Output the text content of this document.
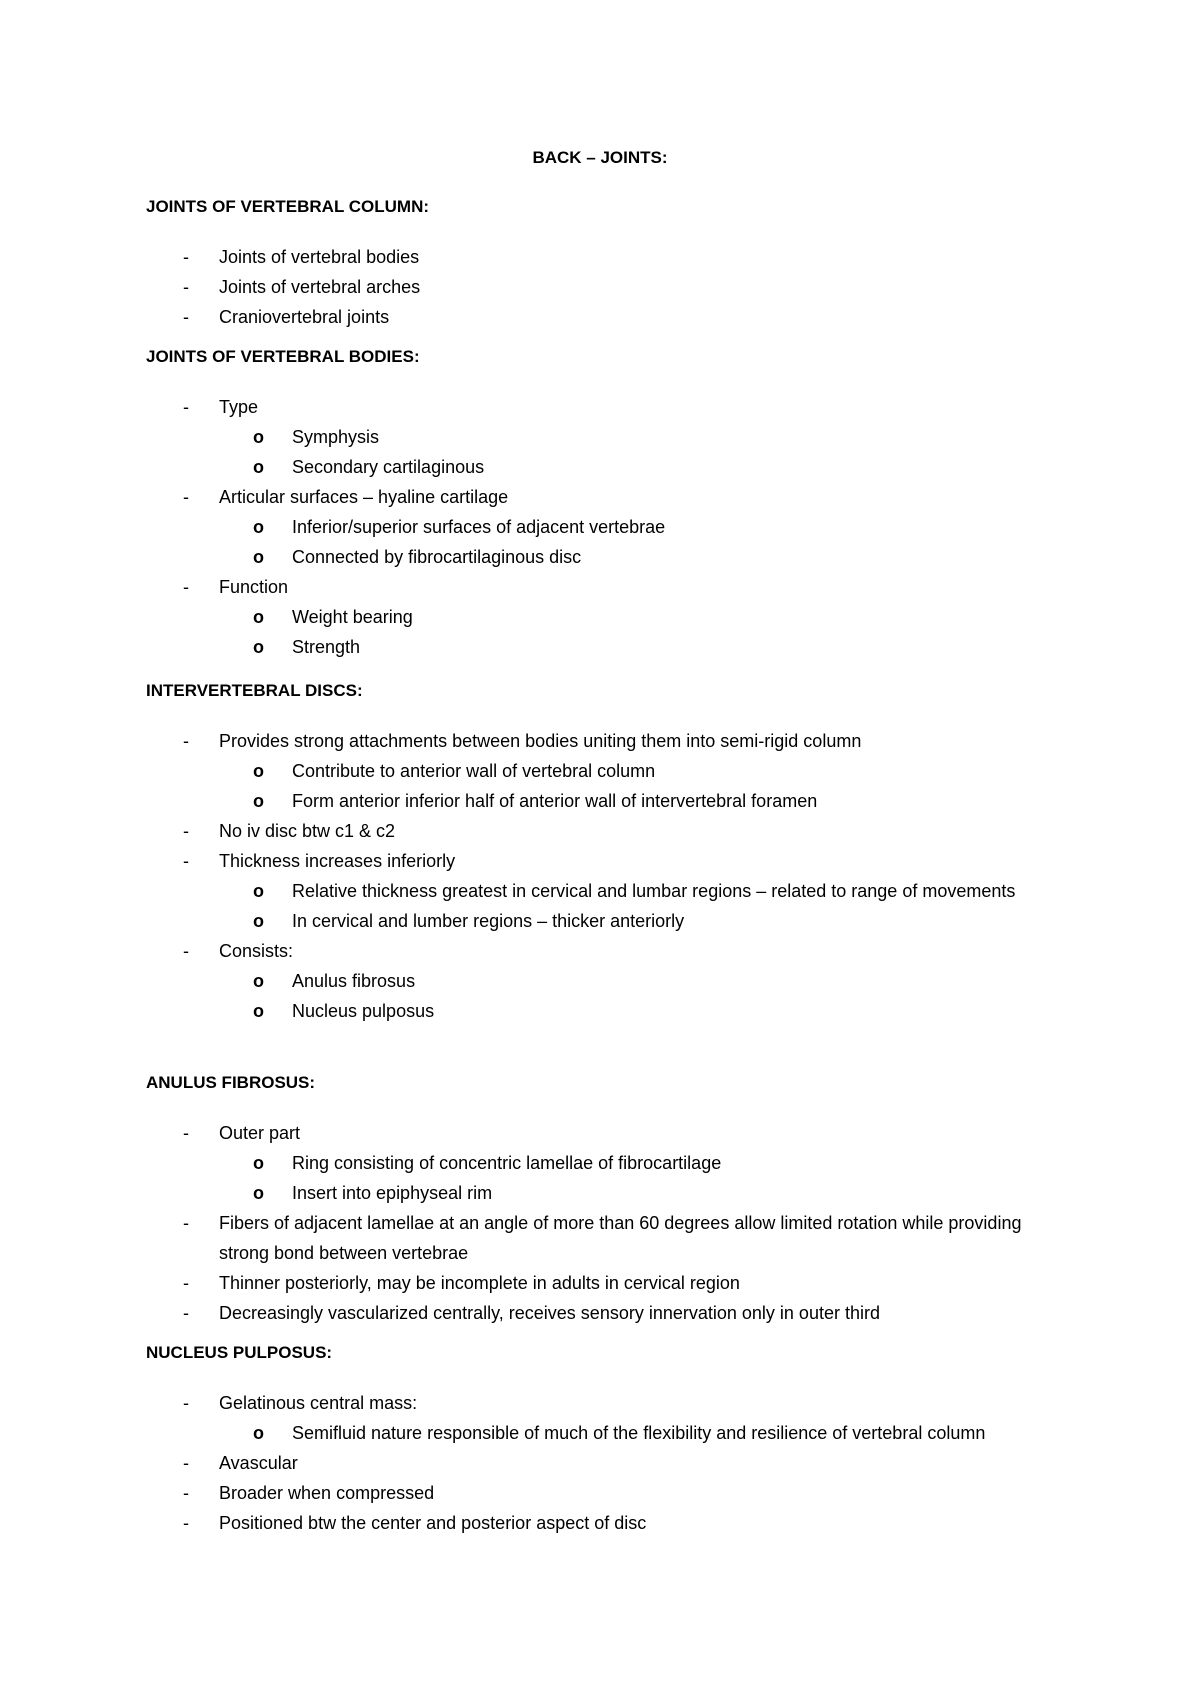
BACK – JOINTS:
JOINTS OF VERTEBRAL COLUMN:
- Joints of vertebral bodies
- Joints of vertebral arches
- Craniovertebral joints
JOINTS OF VERTEBRAL BODIES:
- Type
o
Symphysis
o
Secondary cartilaginous
- Articular surfaces – hyaline cartilage
o
Inferior/superior surfaces of adjacent vertebrae
o
Connected by fibrocartilaginous disc
- Function
o
Weight bearing
o
Strength
INTERVERTEBRAL DISCS:
- Provides strong attachments between bodies uniting them into semi-rigid column
o
Contribute to anterior wall of vertebral column
o
Form anterior inferior half of anterior wall of intervertebral foramen
- No iv disc btw c1 & c2
- Thickness increases inferiorly
o
Relative thickness greatest in cervical and lumbar regions – related to range of movements
o
In cervical and lumber regions – thicker anteriorly
- Consists:
o
Anulus fibrosus
o
Nucleus pulposus
ANULUS FIBROSUS:
- Outer part
o
Ring consisting of concentric lamellae of fibrocartilage
o
Insert into epiphyseal rim
- Fibers of adjacent lamellae at an angle of more than 60 degrees allow limited rotation while providing strong bond between vertebrae
- Thinner posteriorly, may be incomplete in adults in cervical region
- Decreasingly vascularized centrally, receives sensory innervation only in outer third
NUCLEUS PULPOSUS:
- Gelatinous central mass:
o
Semifluid nature responsible of much of the flexibility and resilience of vertebral column
- Avascular
- Broader when compressed
- Positioned btw the center and posterior aspect of disc
